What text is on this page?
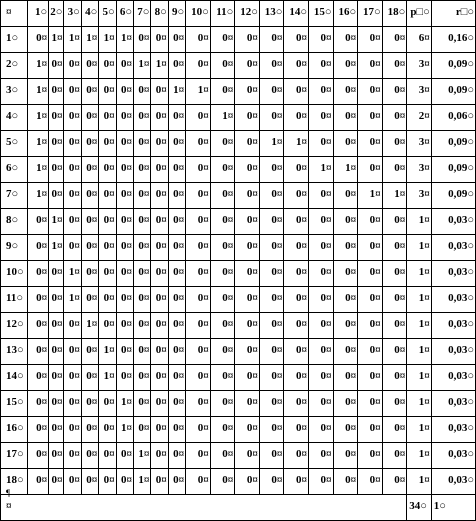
¤	1○	2○	3○	4○	5○	6○	7○	8○	9○	10○	11○	12○	13○	14○	15○	16○	17○	18○	p□○	r□○

1○	0¤	1¤	1¤	1¤	1¤	1¤	0¤	0¤	0¤	0¤	0¤	0¤	0¤	0¤	0¤	0¤	0¤	0¤	6¤	0,16○

2○	1¤	0¤	0¤	0¤	0¤	0¤	1¤	1¤	0¤	0¤	0¤	0¤	0¤	0¤	0¤	0¤	0¤	0¤	3¤	0,09○

3○	1¤	0¤	0¤	0¤	0¤	0¤	0¤	0¤	1¤	1¤	0¤	0¤	0¤	0¤	0¤	0¤	0¤	0¤	3¤	0,09○

4○	1¤	0¤	0¤	0¤	0¤	0¤	0¤	0¤	0¤	0¤	1¤	0¤	0¤	0¤	0¤	0¤	0¤	0¤	2¤	0,06○

5○	1¤	0¤	0¤	0¤	0¤	0¤	0¤	0¤	0¤	0¤	0¤	0¤	1¤	1¤	0¤	0¤	0¤	0¤	3¤	0,09○

6○	1¤	0¤	0¤	0¤	0¤	0¤	0¤	0¤	0¤	0¤	0¤	0¤	0¤	0¤	1¤	1¤	0¤	0¤	3¤	0,09○

7○	1¤	0¤	0¤	0¤	0¤	0¤	0¤	0¤	0¤	0¤	0¤	0¤	0¤	0¤	0¤	0¤	1¤	1¤	3¤	0,09○

8○	0¤	1¤	0¤	0¤	0¤	0¤	0¤	0¤	0¤	0¤	0¤	0¤	0¤	0¤	0¤	0¤	0¤	0¤	1¤	0,03○

9○	0¤	1¤	0¤	0¤	0¤	0¤	0¤	0¤	0¤	0¤	0¤	0¤	0¤	0¤	0¤	0¤	0¤	0¤	1¤	0,03○

10○	0¤	0¤	1¤	0¤	0¤	0¤	0¤	0¤	0¤	0¤	0¤	0¤	0¤	0¤	0¤	0¤	0¤	0¤	1¤	0,03○

11○	0¤	0¤	1¤	0¤	0¤	0¤	0¤	0¤	0¤	0¤	0¤	0¤	0¤	0¤	0¤	0¤	0¤	0¤	1¤	0,03○

12○	0¤	0¤	0¤	1¤	0¤	0¤	0¤	0¤	0¤	0¤	0¤	0¤	0¤	0¤	0¤	0¤	0¤	0¤	1¤	0,03○

13○	0¤	0¤	0¤	0¤	1¤	0¤	0¤	0¤	0¤	0¤	0¤	0¤	0¤	0¤	0¤	0¤	0¤	0¤	1¤	0,03○

14○	0¤	0¤	0¤	0¤	1¤	0¤	0¤	0¤	0¤	0¤	0¤	0¤	0¤	0¤	0¤	0¤	0¤	0¤	1¤	0,03○

15○	0¤	0¤	0¤	0¤	0¤	1¤	0¤	0¤	0¤	0¤	0¤	0¤	0¤	0¤	0¤	0¤	0¤	0¤	1¤	0,03○

16○	0¤	0¤	0¤	0¤	0¤	1¤	0¤	0¤	0¤	0¤	0¤	0¤	0¤	0¤	0¤	0¤	0¤	0¤	1¤	0,03○

17○	0¤	0¤	0¤	0¤	0¤	0¤	1¤	0¤	0¤	0¤	0¤	0¤	0¤	0¤	0¤	0¤	0¤	0¤	1¤	0,03○

18○	0¤	0¤	0¤	0¤	0¤	0¤	1¤	0¤	0¤	0¤	0¤	0¤	0¤	0¤	0¤	0¤	0¤	0¤	1¤	0,03○

¤																			34○	1○
¶
